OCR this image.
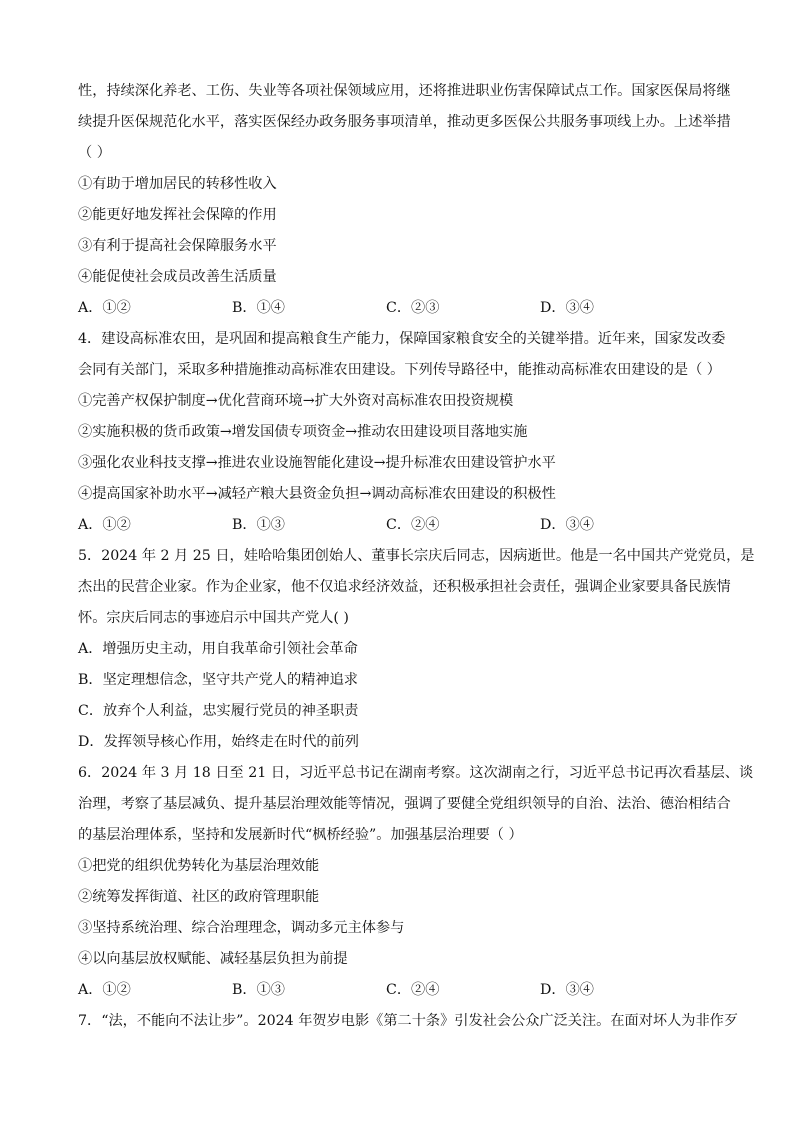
性，持续深化养老、工伤、失业等各项社保领域应用，还将推进职业伤害保障试点工作。国家医保局将继
续提升医保规范化水平，落实医保经办政务服务事项清单，推动更多医保公共服务事项线上办。上述举措
（ ）
①有助于增加居民的转移性收入
②能更好地发挥社会保障的作用
③有利于提高社会保障服务水平
④能促使社会成员改善生活质量
A．①②	B．①④	C．②③	D．③④
4．建设高标准农田，是巩固和提高粮食生产能力，保障国家粮食安全的关键举措。近年来，国家发改委
会同有关部门，采取多种措施推动高标准农田建设。下列传导路径中，能推动高标准农田建设的是（ ）
①完善产权保护制度→优化营商环境→扩大外资对高标准农田投资规模
②实施积极的货币政策→增发国债专项资金→推动农田建设项目落地实施
③强化农业科技支撑→推进农业设施智能化建设→提升标准农田建设管护水平
④提高国家补助水平→减轻产粮大县资金负担→调动高标准农田建设的积极性
A．①②	B．①③	C．②④	D．③④
5．2024 年 2 月 25 日，娃哈哈集团创始人、董事长宗庆后同志，因病逝世。他是一名中国共产党党员，是
杰出的民营企业家。作为企业家，他不仅追求经济效益，还积极承担社会责任，强调企业家要具备民族情
怀。宗庆后同志的事迹启示中国共产党人( )
A．增强历史主动，用自我革命引领社会革命
B．坚定理想信念，坚守共产党人的精神追求
C．放弃个人利益，忠实履行党员的神圣职责
D．发挥领导核心作用，始终走在时代的前列
6．2024 年 3 月 18 日至 21 日，习近平总书记在湖南考察。这次湖南之行，习近平总书记再次看基层、谈
治理，考察了基层减负、提升基层治理效能等情况，强调了要健全党组织领导的自治、法治、德治相结合
的基层治理体系，坚持和发展新时代“枫桥经验”。加强基层治理要（ ）
①把党的组织优势转化为基层治理效能
②统筹发挥街道、社区的政府管理职能
③坚持系统治理、综合治理理念，调动多元主体参与
④以向基层放权赋能、减轻基层负担为前提
A．①②	B．①③	C．②④	D．③④
7．“法，不能向不法让步”。2024 年贺岁电影《第二十条》引发社会公众广泛关注。在面对坏人为非作歹
